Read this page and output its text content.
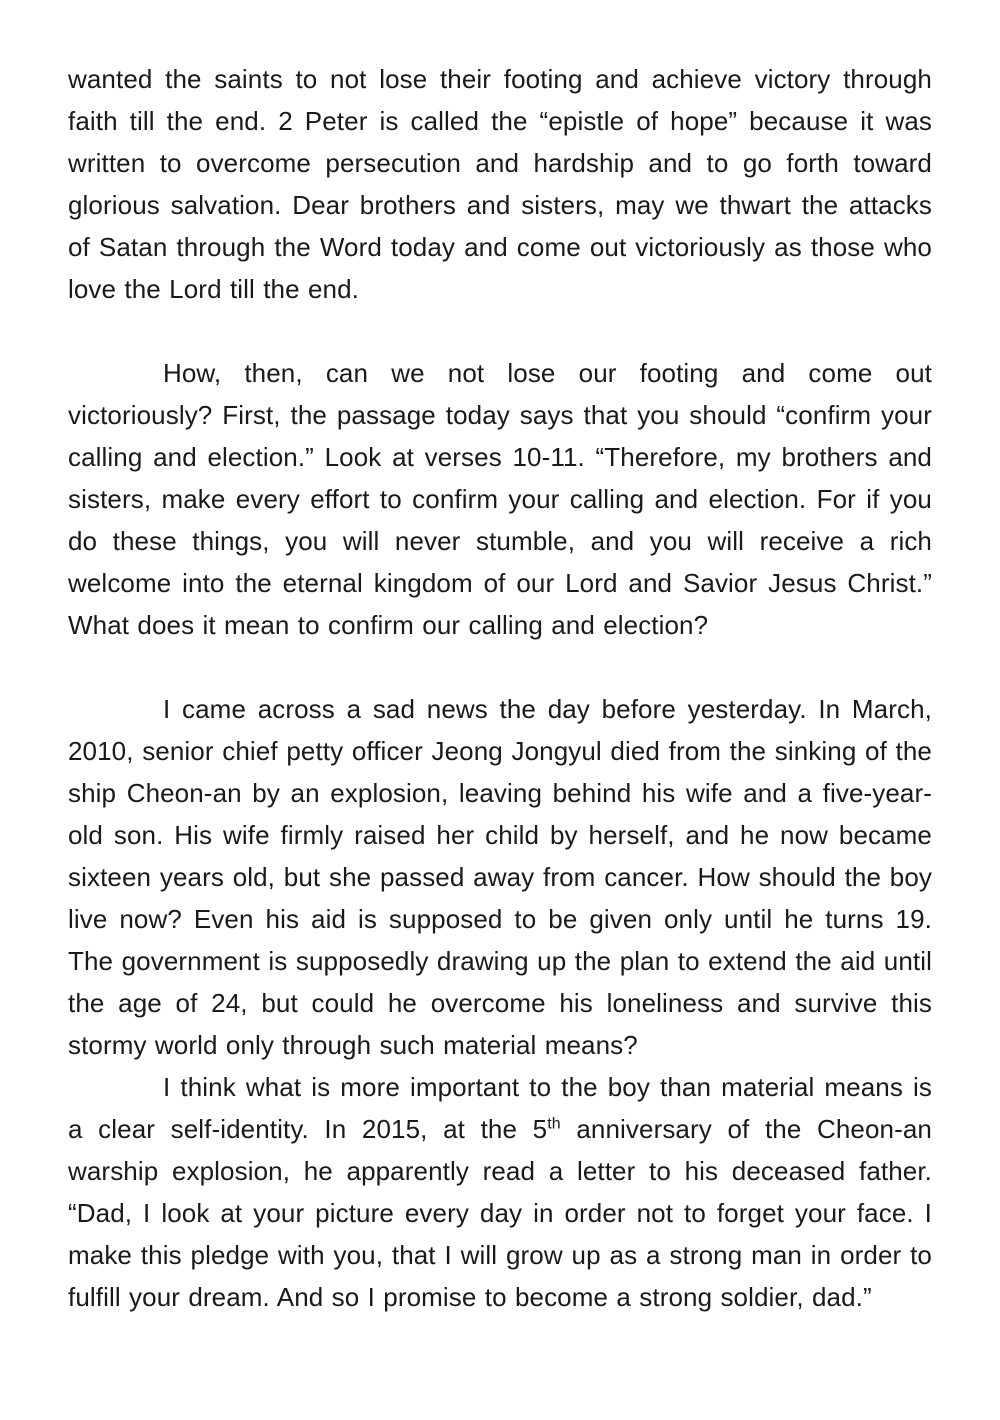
wanted the saints to not lose their footing and achieve victory through faith till the end. 2 Peter is called the “epistle of hope” because it was written to overcome persecution and hardship and to go forth toward glorious salvation. Dear brothers and sisters, may we thwart the attacks of Satan through the Word today and come out victoriously as those who love the Lord till the end.

How, then, can we not lose our footing and come out victoriously? First, the passage today says that you should “confirm your calling and election.” Look at verses 10-11. “Therefore, my brothers and sisters, make every effort to confirm your calling and election. For if you do these things, you will never stumble, and you will receive a rich welcome into the eternal kingdom of our Lord and Savior Jesus Christ.” What does it mean to confirm our calling and election?

I came across a sad news the day before yesterday. In March, 2010, senior chief petty officer Jeong Jongyul died from the sinking of the ship Cheon-an by an explosion, leaving behind his wife and a five-year-old son. His wife firmly raised her child by herself, and he now became sixteen years old, but she passed away from cancer. How should the boy live now? Even his aid is supposed to be given only until he turns 19. The government is supposedly drawing up the plan to extend the aid until the age of 24, but could he overcome his loneliness and survive this stormy world only through such material means?

I think what is more important to the boy than material means is a clear self-identity. In 2015, at the 5th anniversary of the Cheon-an warship explosion, he apparently read a letter to his deceased father. “Dad, I look at your picture every day in order not to forget your face. I make this pledge with you, that I will grow up as a strong man in order to fulfill your dream. And so I promise to become a strong soldier, dad.”
